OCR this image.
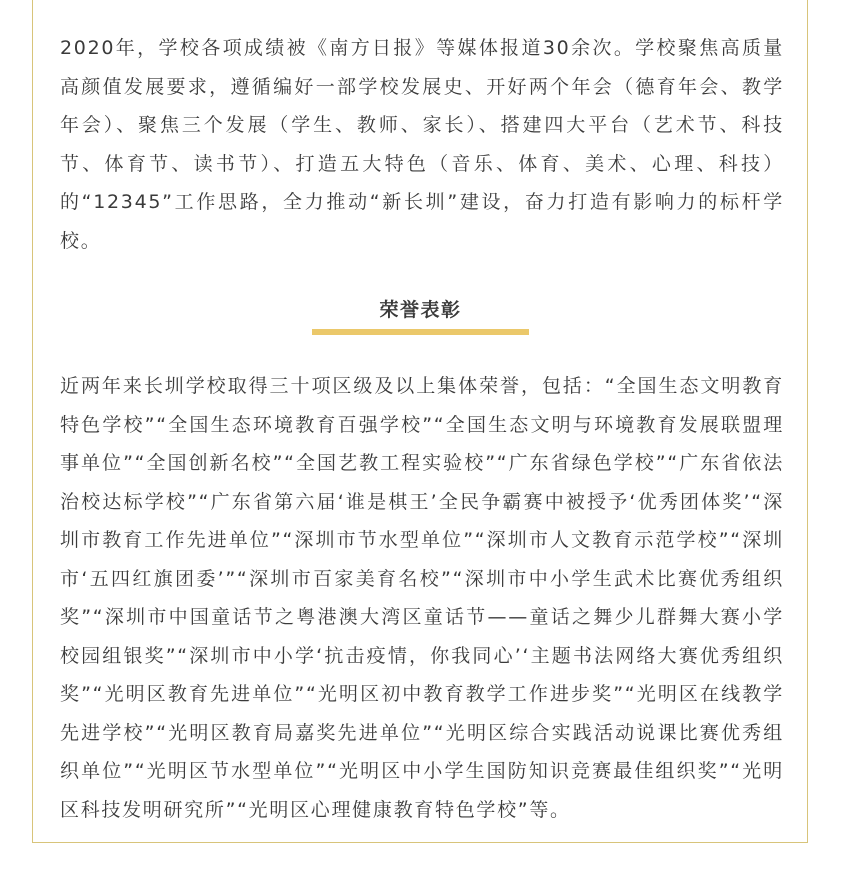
2020年，学校各项成绩被《南方日报》等媒体报道30余次。学校聚焦高质量高颜值发展要求，遵循编好一部学校发展史、开好两个年会（德育年会、教学年会）、聚焦三个发展（学生、教师、家长）、搭建四大平台（艺术节、科技节、体育节、读书节）、打造五大特色（音乐、体育、美术、心理、科技）的“12345”工作思路，全力推动“新长圳”建设，奋力打造有影响力的标杆学校。

荣誉表彰

近两年来长圳学校取得三十项区级及以上集体荣誉，包括：“全国生态文明教育特色学校”“全国生态环境教育百强学校”“全国生态文明与环境教育发展联盟理事单位”“全国创新名校”“全国艺教工程实验校”“广东省绿色学校”“广东省依法治校达标学校”“广东省第六届‘谁是棋王’全民争霸赛中被授予‘优秀团体奖’“深圳市教育工作先进单位”“深圳市节水型单位”“深圳市人文教育示范学校”“深圳市‘五四红旗团委’”“深圳市百家美育名校”“深圳市中小学生武术比赛优秀组织奖”“深圳市中国童话节之粤港澳大湾区童话节——童话之舞少儿群舞大赛小学校园组银奖”“深圳市中小学‘抗击疫情，你我同心’‘主题书法网络大赛优秀组织奖”“光明区教育先进单位”“光明区初中教育教学工作进步奖”“光明区在线教学先进学校”“光明区教育局嘉奖先进单位”“光明区综合实践活动说课比赛优秀组织单位”“光明区节水型单位”“光明区中小学生国防知识竞赛最佳组织奖”“光明区科技发明研究所”“光明区心理健康教育特色学校”等。
